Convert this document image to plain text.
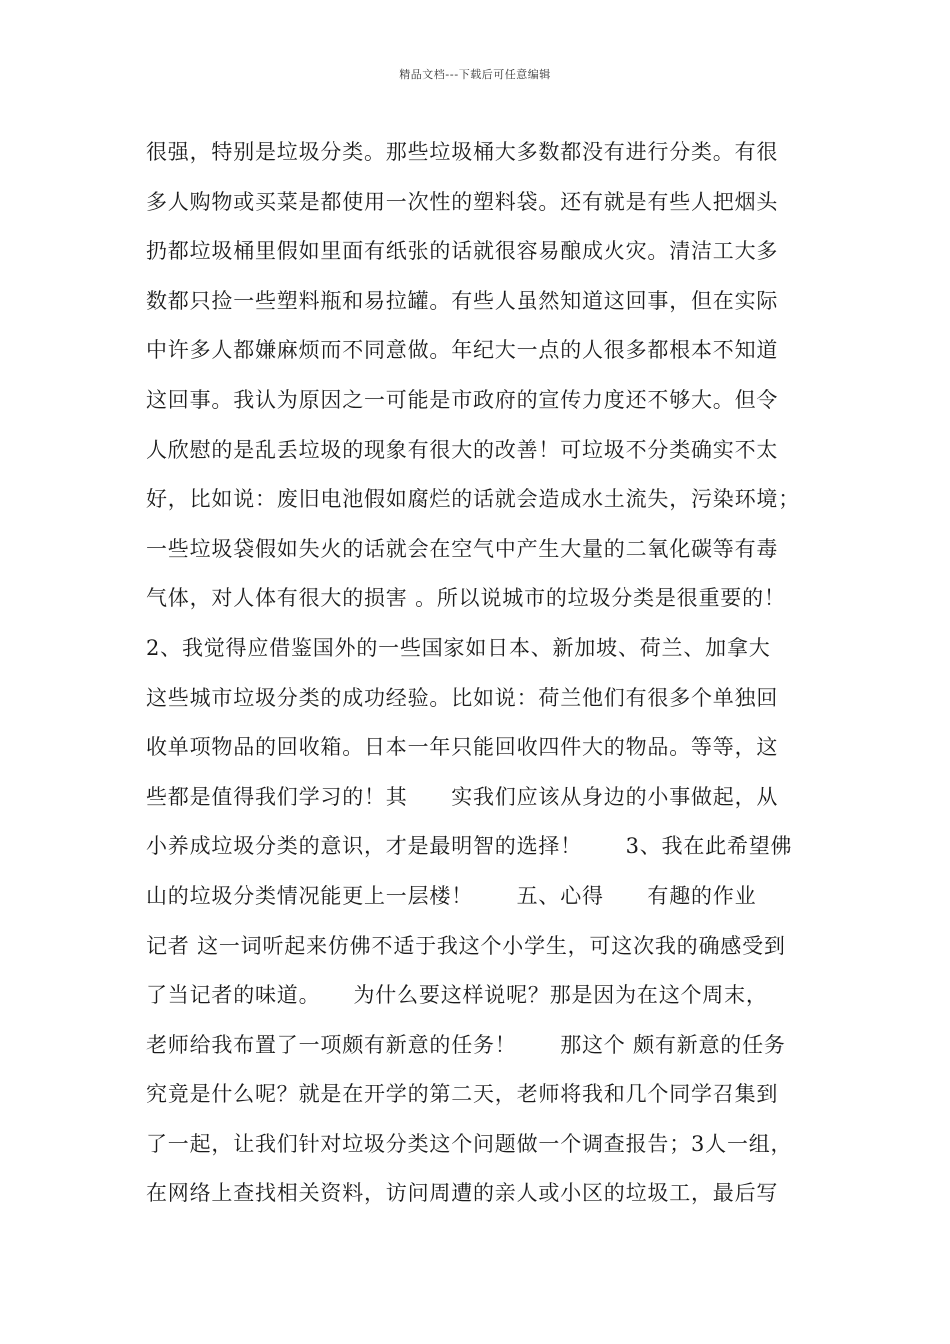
精品文档---下载后可任意编辑
很强，特别是垃圾分类。那些垃圾桶大多数都没有进行分类。有很
多人购物或买菜是都使用一次性的塑料袋。还有就是有些人把烟头
扔都垃圾桶里假如里面有纸张的话就很容易酿成火灾。清洁工大多
数都只捡一些塑料瓶和易拉罐。有些人虽然知道这回事，但在实际
中许多人都嫌麻烦而不同意做。年纪大一点的人很多都根本不知道
这回事。我认为原因之一可能是市政府的宣传力度还不够大。但令
人欣慰的是乱丢垃圾的现象有很大的改善！可垃圾不分类确实不太
好，比如说：废旧电池假如腐烂的话就会造成水土流失，污染环境；
一些垃圾袋假如失火的话就会在空气中产生大量的二氧化碳等有毒
气体，对人体有很大的损害 。所以说城市的垃圾分类是很重要的！
2、我觉得应借鉴国外的一些国家如日本、新加坡、荷兰、加拿大
这些城市垃圾分类的成功经验。比如说：荷兰他们有很多个单独回
收单项物品的回收箱。日本一年只能回收四件大的物品。等等，这
些都是值得我们学习的！其　　实我们应该从身边的小事做起，从
小养成垃圾分类的意识，才是最明智的选择！　　3、我在此希望佛
山的垃圾分类情况能更上一层楼！　　五、心得　　有趣的作业
记者 这一词听起来仿佛不适于我这个小学生，可这次我的确感受到
了当记者的味道。　　为什么要这样说呢？那是因为在这个周末，
老师给我布置了一项颇有新意的任务！　　那这个 颇有新意的任务
究竟是什么呢？就是在开学的第二天，老师将我和几个同学召集到
了一起，让我们针对垃圾分类这个问题做一个调查报告；3人一组，
在网络上查找相关资料，访问周遭的亲人或小区的垃圾工，最后写
